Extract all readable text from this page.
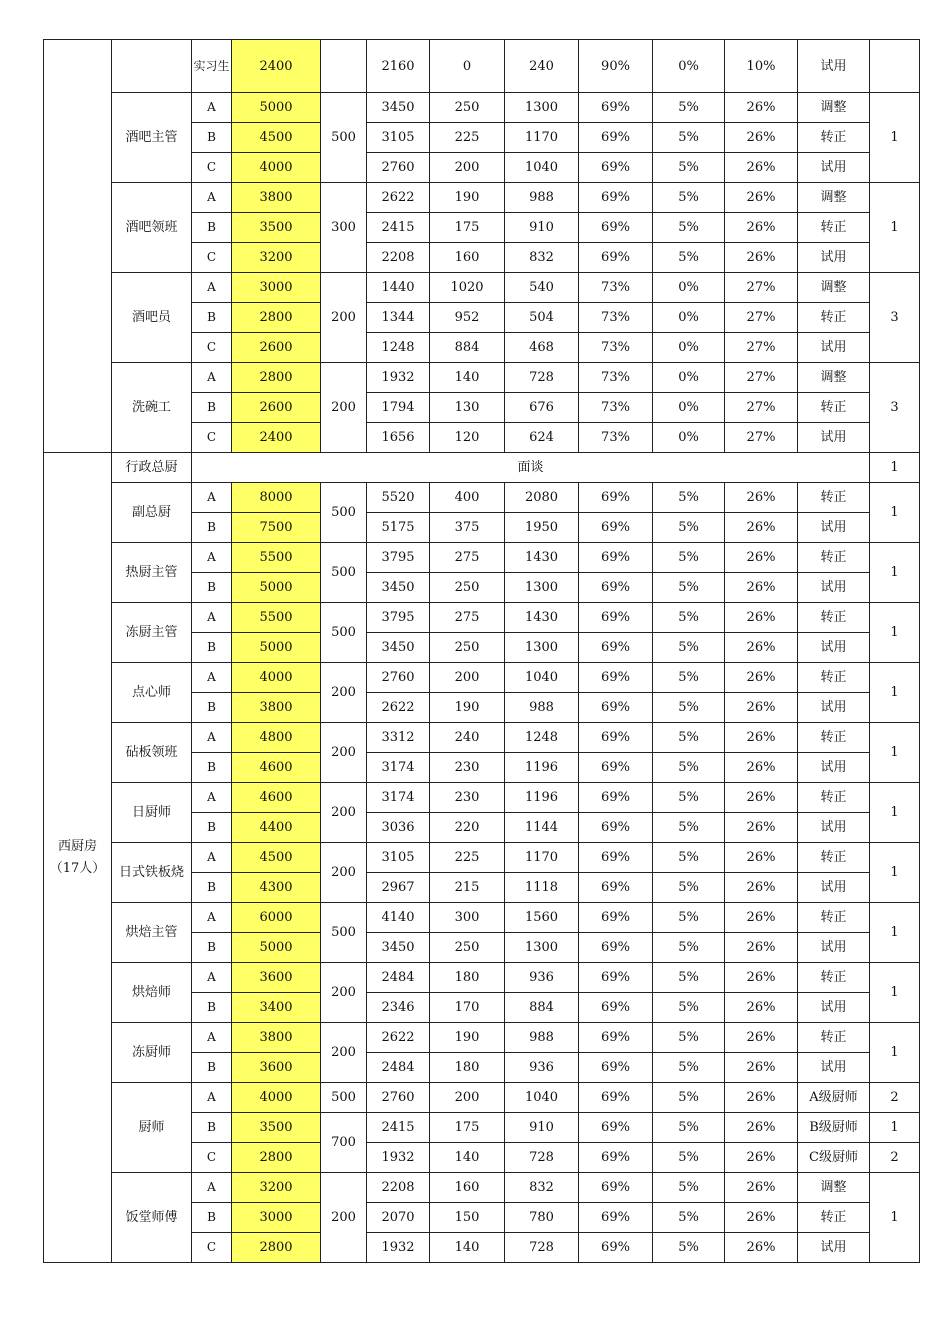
		实习生	2400		2160	0	240	90%	0%	10%	试用	
	酒吧主管	A	5000	500	3450	250	1300	69%	5%	26%	调整	1
		B	4500		3105	225	1170	69%	5%	26%	转正	
		C	4000		2760	200	1040	69%	5%	26%	试用	
	酒吧领班	A	3800	300	2622	190	988	69%	5%	26%	调整	1
		B	3500		2415	175	910	69%	5%	26%	转正	
		C	3200		2208	160	832	69%	5%	26%	试用	
	酒吧员	A	3000	200	1440	1020	540	73%	0%	27%	调整	3
		B	2800		1344	952	504	73%	0%	27%	转正	
		C	2600		1248	884	468	73%	0%	27%	试用	
	洗碗工	A	2800	200	1932	140	728	73%	0%	27%	调整	3
		B	2600		1794	130	676	73%	0%	27%	转正	
		C	2400		1656	120	624	73%	0%	27%	试用	
西厨房（17人）	行政总厨	面谈										1
	副总厨	A	8000	500	5520	400	2080	69%	5%	26%	转正	1
		B	7500		5175	375	1950	69%	5%	26%	试用	
	热厨主管	A	5500	500	3795	275	1430	69%	5%	26%	转正	1
		B	5000		3450	250	1300	69%	5%	26%	试用	
	冻厨主管	A	5500	500	3795	275	1430	69%	5%	26%	转正	1
		B	5000		3450	250	1300	69%	5%	26%	试用	
	点心师	A	4000	200	2760	200	1040	69%	5%	26%	转正	1
		B	3800		2622	190	988	69%	5%	26%	试用	
	砧板领班	A	4800	200	3312	240	1248	69%	5%	26%	转正	1
		B	4600		3174	230	1196	69%	5%	26%	试用	
	日厨师	A	4600	200	3174	230	1196	69%	5%	26%	转正	1
		B	4400		3036	220	1144	69%	5%	26%	试用	
	日式铁板烧	A	4500	200	3105	225	1170	69%	5%	26%	转正	1
		B	4300		2967	215	1118	69%	5%	26%	试用	
	烘焙主管	A	6000	500	4140	300	1560	69%	5%	26%	转正	1
		B	5000		3450	250	1300	69%	5%	26%	试用	
	烘焙师	A	3600	200	2484	180	936	69%	5%	26%	转正	1
		B	3400		2346	170	884	69%	5%	26%	试用	
	冻厨师	A	3800	200	2622	190	988	69%	5%	26%	转正	1
		B	3600		2484	180	936	69%	5%	26%	试用	
	厨师	A	4000	500	2760	200	1040	69%	5%	26%	A级厨师	2
		B	3500	700	2415	175	910	69%	5%	26%	B级厨师	1
		C	2800		1932	140	728	69%	5%	26%	C级厨师	2
	饭堂师傅	A	3200	200	2208	160	832	69%	5%	26%	调整	1
		B	3000		2070	150	780	69%	5%	26%	转正	
		C	2800		1932	140	728	69%	5%	26%	试用	
